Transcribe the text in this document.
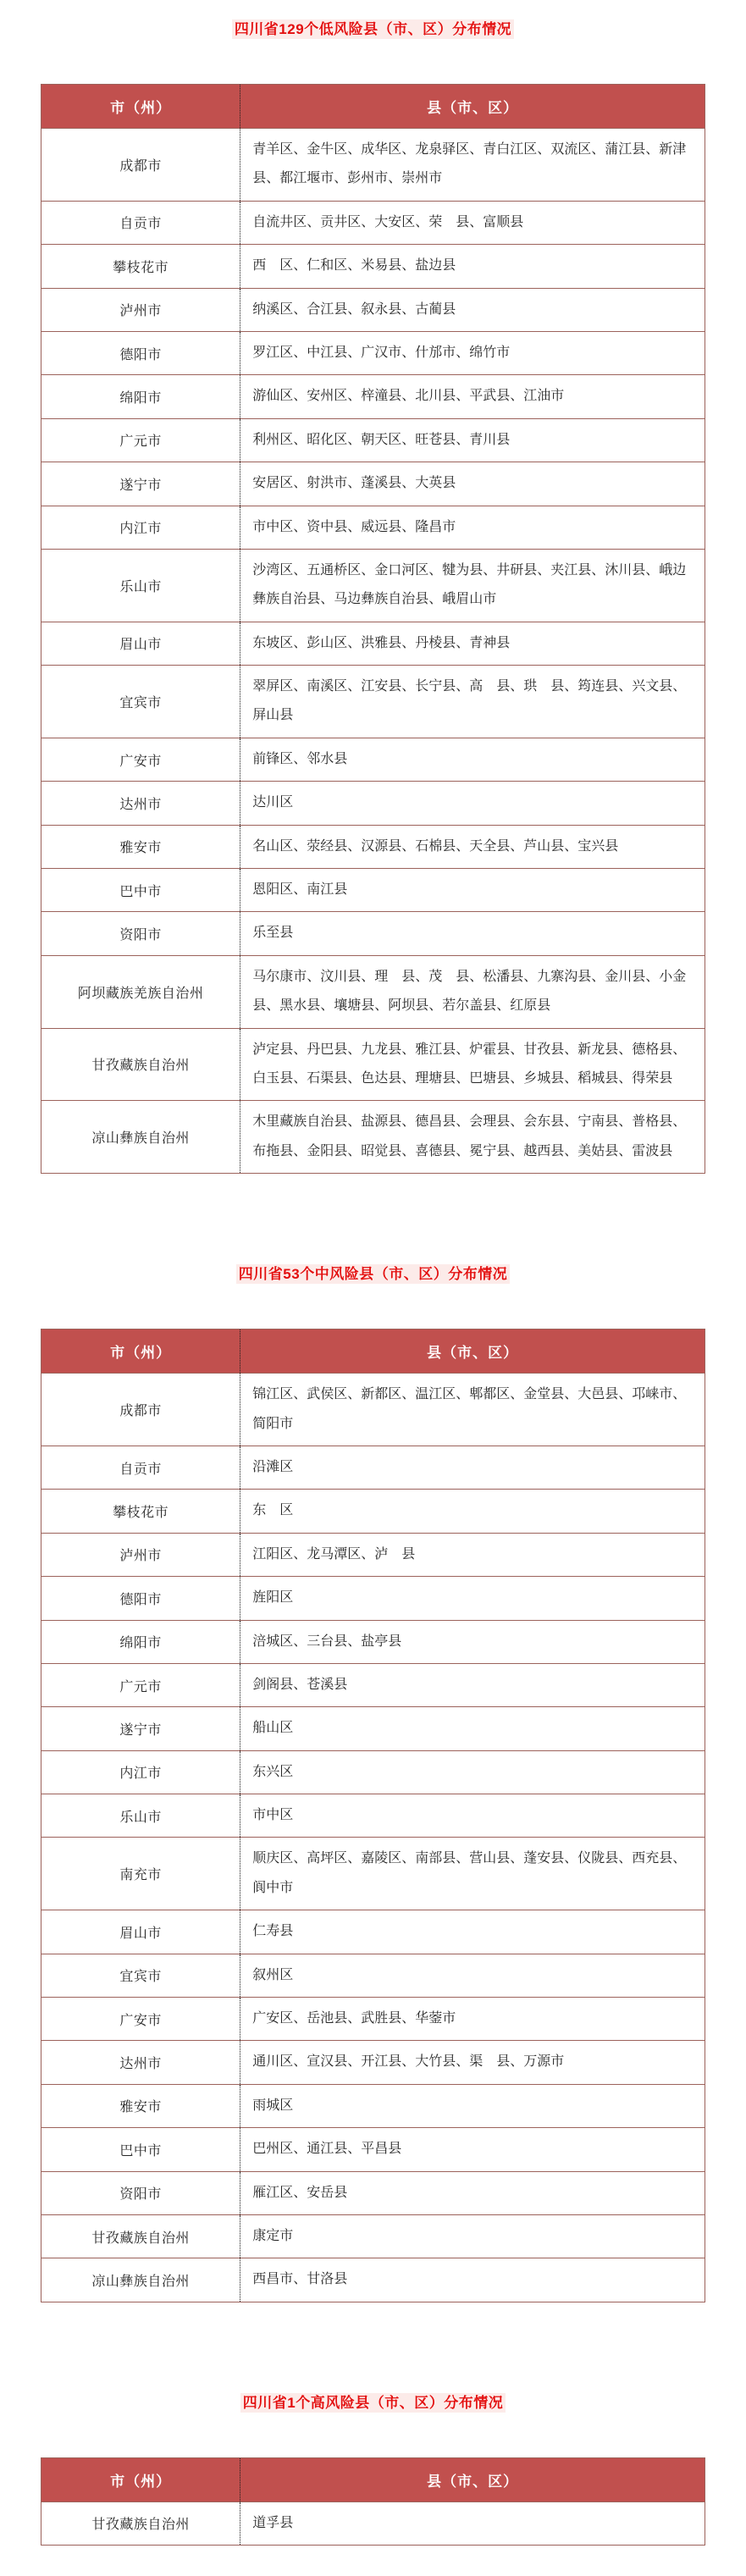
四川省129个低风险县（市、区）分布情况
市（州）	县（市、区）
成都市	青羊区、金牛区、成华区、龙泉驿区、青白江区、双流区、蒲江县、新津县、都江堰市、彭州市、崇州市
自贡市	自流井区、贡井区、大安区、荣　县、富顺县
攀枝花市	西　区、仁和区、米易县、盐边县
泸州市	纳溪区、合江县、叙永县、古蔺县
德阳市	罗江区、中江县、广汉市、什邡市、绵竹市
绵阳市	游仙区、安州区、梓潼县、北川县、平武县、江油市
广元市	利州区、昭化区、朝天区、旺苍县、青川县
遂宁市	安居区、射洪市、蓬溪县、大英县
内江市	市中区、资中县、威远县、隆昌市
乐山市	沙湾区、五通桥区、金口河区、犍为县、井研县、夹江县、沐川县、峨边彝族自治县、马边彝族自治县、峨眉山市
眉山市	东坡区、彭山区、洪雅县、丹棱县、青神县
宜宾市	翠屏区、南溪区、江安县、长宁县、高　县、珙　县、筠连县、兴文县、屏山县
广安市	前锋区、邻水县
达州市	达川区
雅安市	名山区、荥经县、汉源县、石棉县、天全县、芦山县、宝兴县
巴中市	恩阳区、南江县
资阳市	乐至县
阿坝藏族羌族自治州	马尔康市、汶川县、理　县、茂　县、松潘县、九寨沟县、金川县、小金县、黑水县、壤塘县、阿坝县、若尔盖县、红原县
甘孜藏族自治州	泸定县、丹巴县、九龙县、雅江县、炉霍县、甘孜县、新龙县、德格县、白玉县、石渠县、色达县、理塘县、巴塘县、乡城县、稻城县、得荣县
凉山彝族自治州	木里藏族自治县、盐源县、德昌县、会理县、会东县、宁南县、普格县、布拖县、金阳县、昭觉县、喜德县、冕宁县、越西县、美姑县、雷波县
四川省53个中风险县（市、区）分布情况
市（州）	县（市、区）
成都市	锦江区、武侯区、新都区、温江区、郫都区、金堂县、大邑县、邛崃市、简阳市
自贡市	沿滩区
攀枝花市	东　区
泸州市	江阳区、龙马潭区、泸　县
德阳市	旌阳区
绵阳市	涪城区、三台县、盐亭县
广元市	剑阁县、苍溪县
遂宁市	船山区
内江市	东兴区
乐山市	市中区
南充市	顺庆区、高坪区、嘉陵区、南部县、营山县、蓬安县、仪陇县、西充县、阆中市
眉山市	仁寿县
宜宾市	叙州区
广安市	广安区、岳池县、武胜县、华蓥市
达州市	通川区、宣汉县、开江县、大竹县、渠　县、万源市
雅安市	雨城区
巴中市	巴州区、通江县、平昌县
资阳市	雁江区、安岳县
甘孜藏族自治州	康定市
凉山彝族自治州	西昌市、甘洛县
四川省1个高风险县（市、区）分布情况
市（州）	县（市、区）
甘孜藏族自治州	道孚县
